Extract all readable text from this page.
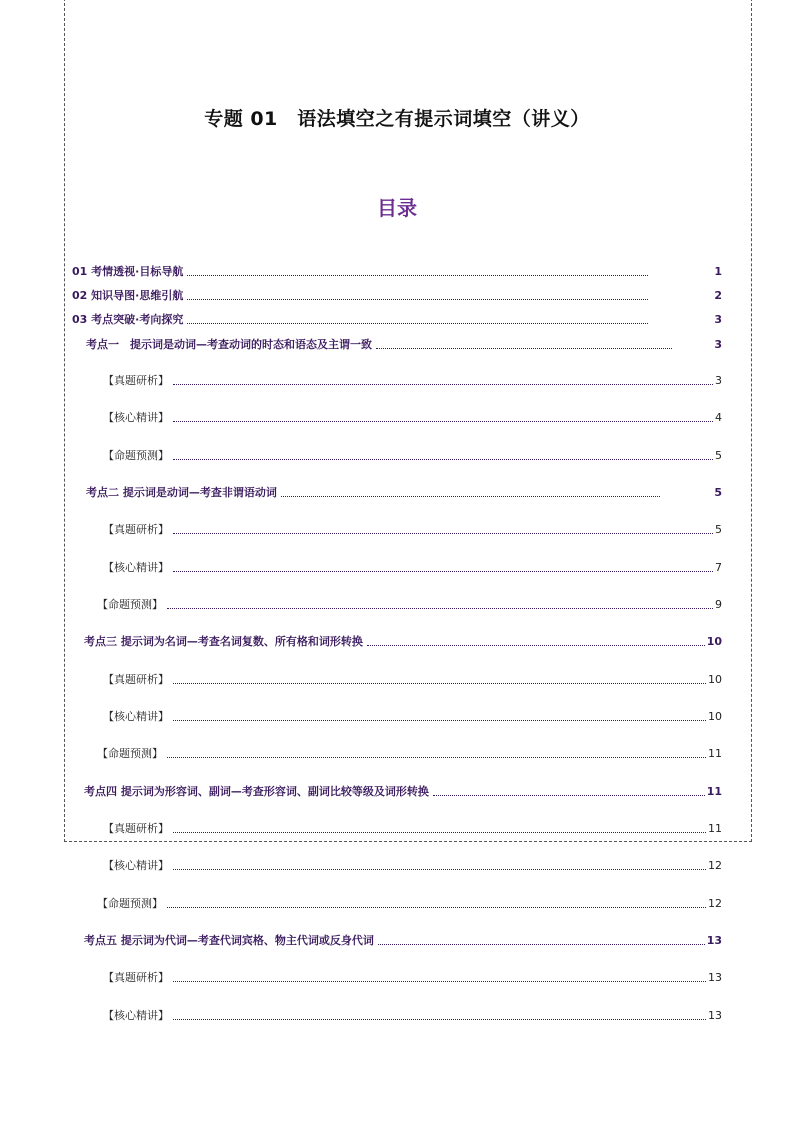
专题 01　语法填空之有提示词填空（讲义）
目录
01 考情透视·目标导航	1
02 知识导图·思维引航	2
03 考点突破·考向探究	3
考点一　提示词是动词—考查动词的时态和语态及主谓一致	3
【真题研析】	3
【核心精讲】	4
【命题预测】	5
考点二 提示词是动词—考查非谓语动词	5
【真题研析】	5
【核心精讲】	7
【命题预测】	9
考点三 提示词为名词—考查名词复数、所有格和词形转换	10
【真题研析】	10
【核心精讲】	10
【命题预测】	11
考点四 提示词为形容词、副词—考查形容词、副词比较等级及词形转换	11
【真题研析】	11
【核心精讲】	12
【命题预测】	12
考点五 提示词为代词—考查代词宾格、物主代词或反身代词	13
【真题研析】	13
【核心精讲】	13
